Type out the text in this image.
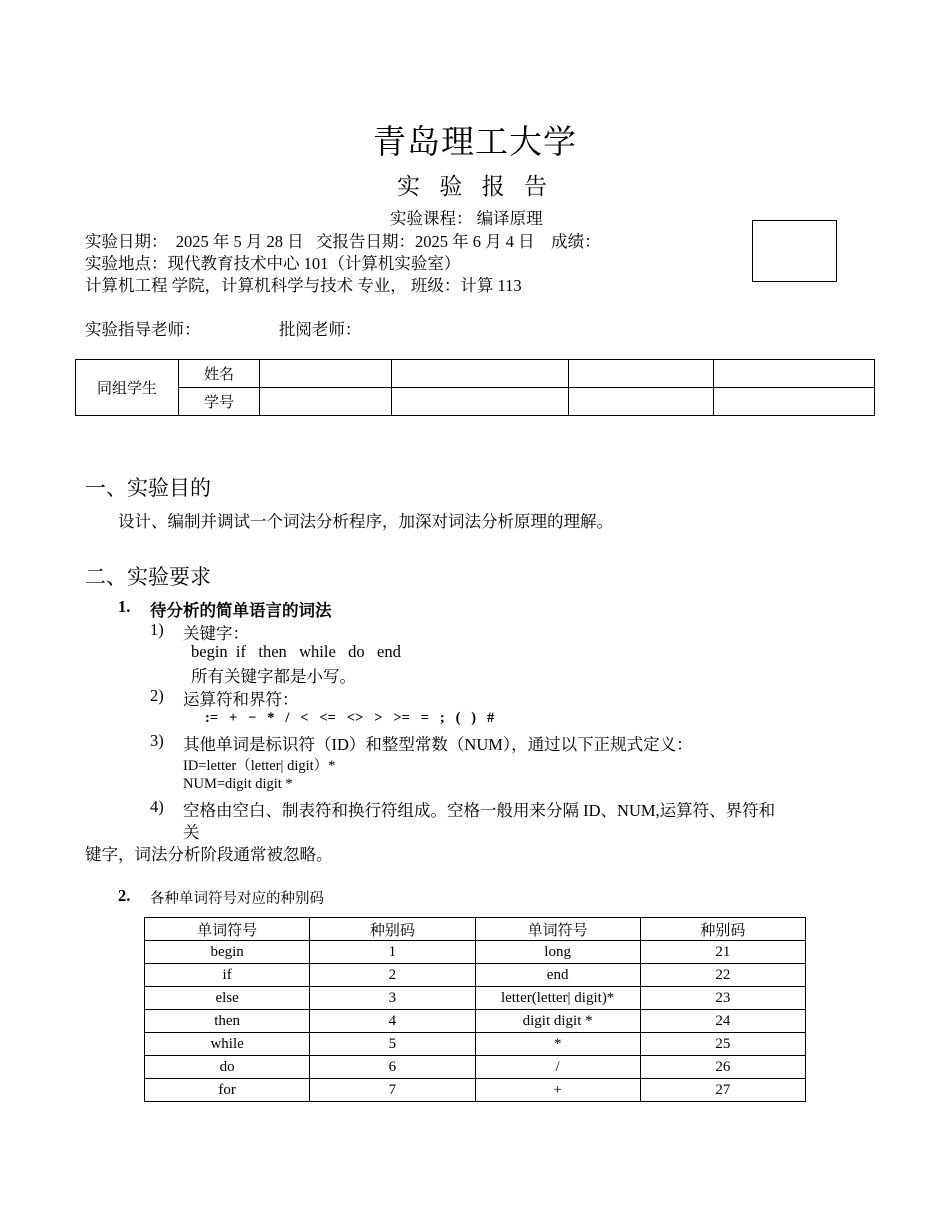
青岛理工大学
实 验 报 告
实验课程： 编译原理
实验日期：  2025 年 5 月 28 日   交报告日期：2025 年 6 月 4 日    成绩：
实验地点：现代教育技术中心 101（计算机实验室）
计算机工程 学院，计算机科学与技术 专业， 班级：计算 113
实验指导老师：                   批阅老师：
同组学生	姓名				
	学号				
一、实验目的
设计、编制并调试一个词法分析程序，加深对词法分析原理的理解。
二、实验要求
1. 待分析的简单语言的词法
1) 关键字：
begin  if   then   while   do   end
所有关键字都是小写。
2) 运算符和界符：
:=   +   −   *   /   <   <=   <>   >   >=   =   ;   (   )   #
3) 其他单词是标识符（ID）和整型常数（NUM），通过以下正规式定义：
ID=letter（letter| digit）*
NUM=digit digit *
4) 空格由空白、制表符和换行符组成。空格一般用来分隔 ID、NUM,运算符、界符和
关
键字，词法分析阶段通常被忽略。
2. 各种单词符号对应的种别码
单词符号	种别码	单词符号	种别码
begin	1	long	21
if	2	end	22
else	3	letter(letter| digit)*	23
then	4	digit digit *	24
while	5	*	25
do	6	/	26
for	7	+	27
